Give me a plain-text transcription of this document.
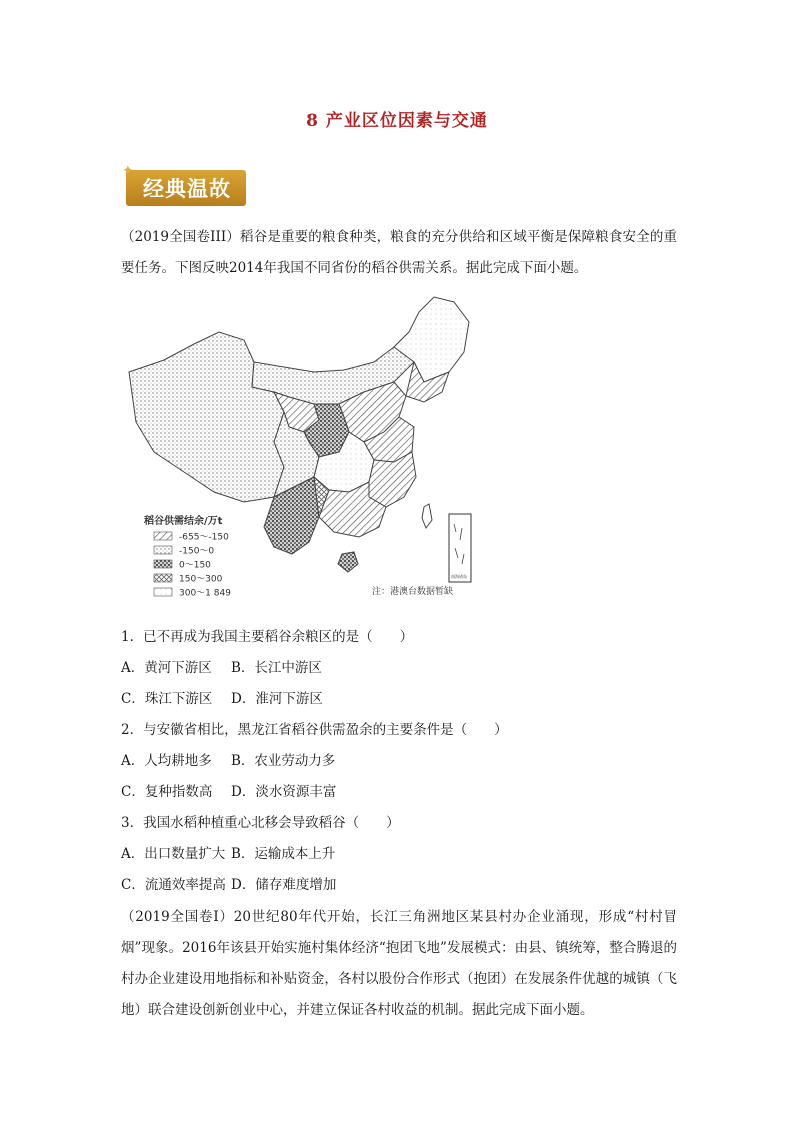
8 产业区位因素与交通
✦
经典温故
（2019全国卷III）稻谷是重要的粮食种类，粮食的充分供给和区域平衡是保障粮食安全的重要任务。下图反映2014年我国不同省份的稻谷供需关系。据此完成下面小题。
稻谷供需结余/万t
-655～-150
-150～0
0～150
150～300
300～1 849
南海诸岛
注：港澳台数据暂缺
1．已不再成为我国主要稻谷余粮区的是（　　）
A．黄河下游区 B．长江中游区
C．珠江下游区 D．淮河下游区
2．与安徽省相比，黑龙江省稻谷供需盈余的主要条件是（　　）
A．人均耕地多 B．农业劳动力多
C．复种指数高 D．淡水资源丰富
3．我国水稻种植重心北移会导致稻谷（　　）
A．出口数量扩大 B．运输成本上升
C．流通效率提高 D．储存难度增加
（2019全国卷I）20世纪80年代开始，长江三角洲地区某县村办企业涌现，形成“村村冒烟”现象。2016年该县开始实施村集体经济“抱团飞地”发展模式：由县、镇统筹，整合腾退的村办企业建设用地指标和补贴资金，各村以股份合作形式（抱团）在发展条件优越的城镇（飞地）联合建设创新创业中心，并建立保证各村收益的机制。据此完成下面小题。
